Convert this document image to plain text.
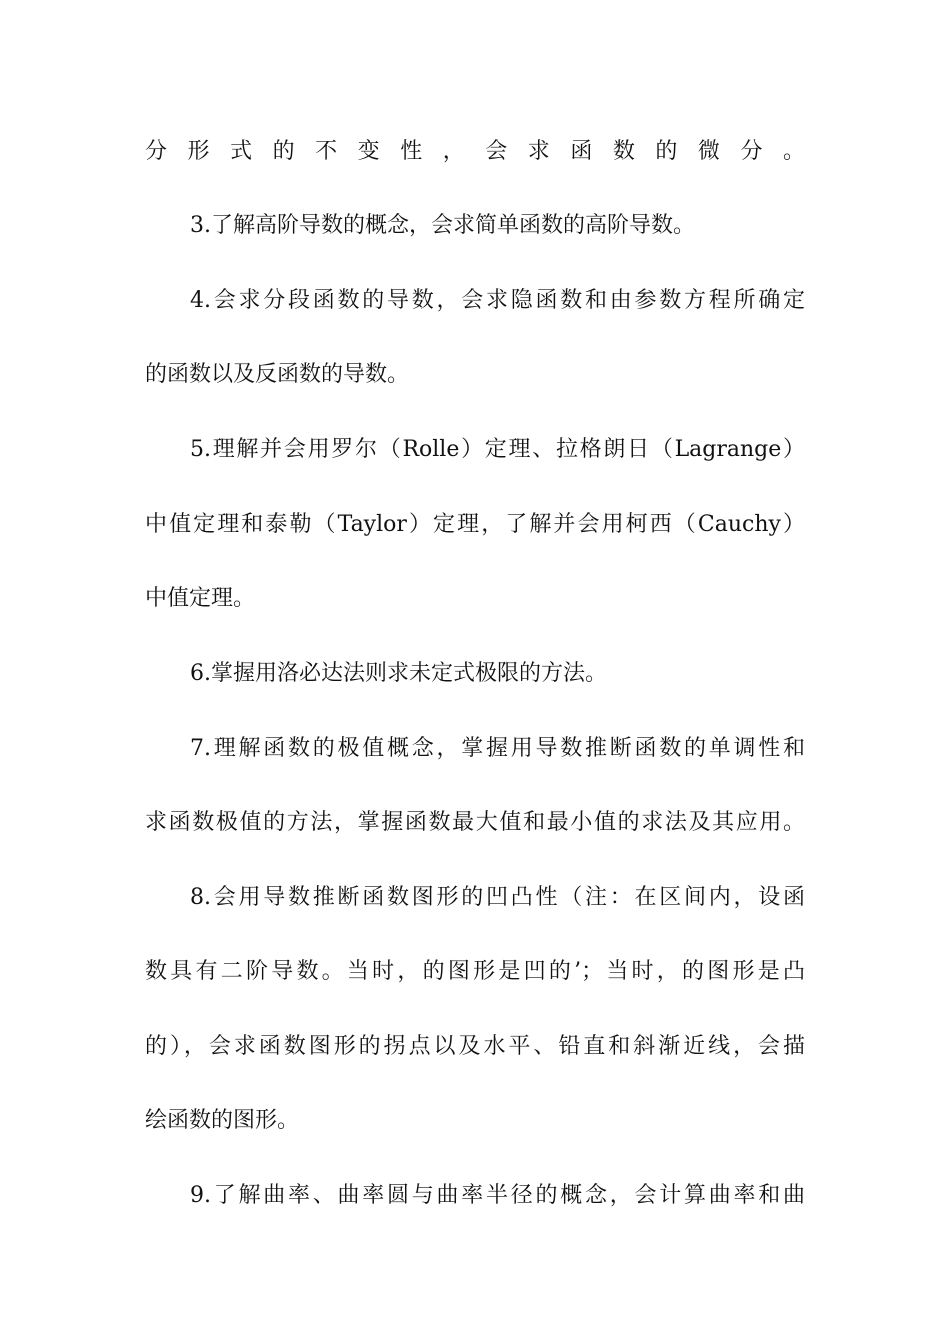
分形式的不变性，会求函数的微分。

3.了解高阶导数的概念，会求简单函数的高阶导数。

4.会求分段函数的导数，会求隐函数和由参数方程所确定

的函数以及反函数的导数。

5.理解并会用罗尔（Rolle）定理、拉格朗日（Lagrange）

中值定理和泰勒（Taylor）定理，了解并会用柯西（Cauchy）

中值定理。

6.掌握用洛必达法则求未定式极限的方法。

7.理解函数的极值概念，掌握用导数推断函数的单调性和

求函数极值的方法，掌握函数最大值和最小值的求法及其应用。

8.会用导数推断函数图形的凹凸性（注：在区间内，设函

数具有二阶导数。当时，的图形是凹的’；当时，的图形是凸

的），会求函数图形的拐点以及水平、铅直和斜渐近线，会描

绘函数的图形。

9.了解曲率、曲率圆与曲率半径的概念，会计算曲率和曲
